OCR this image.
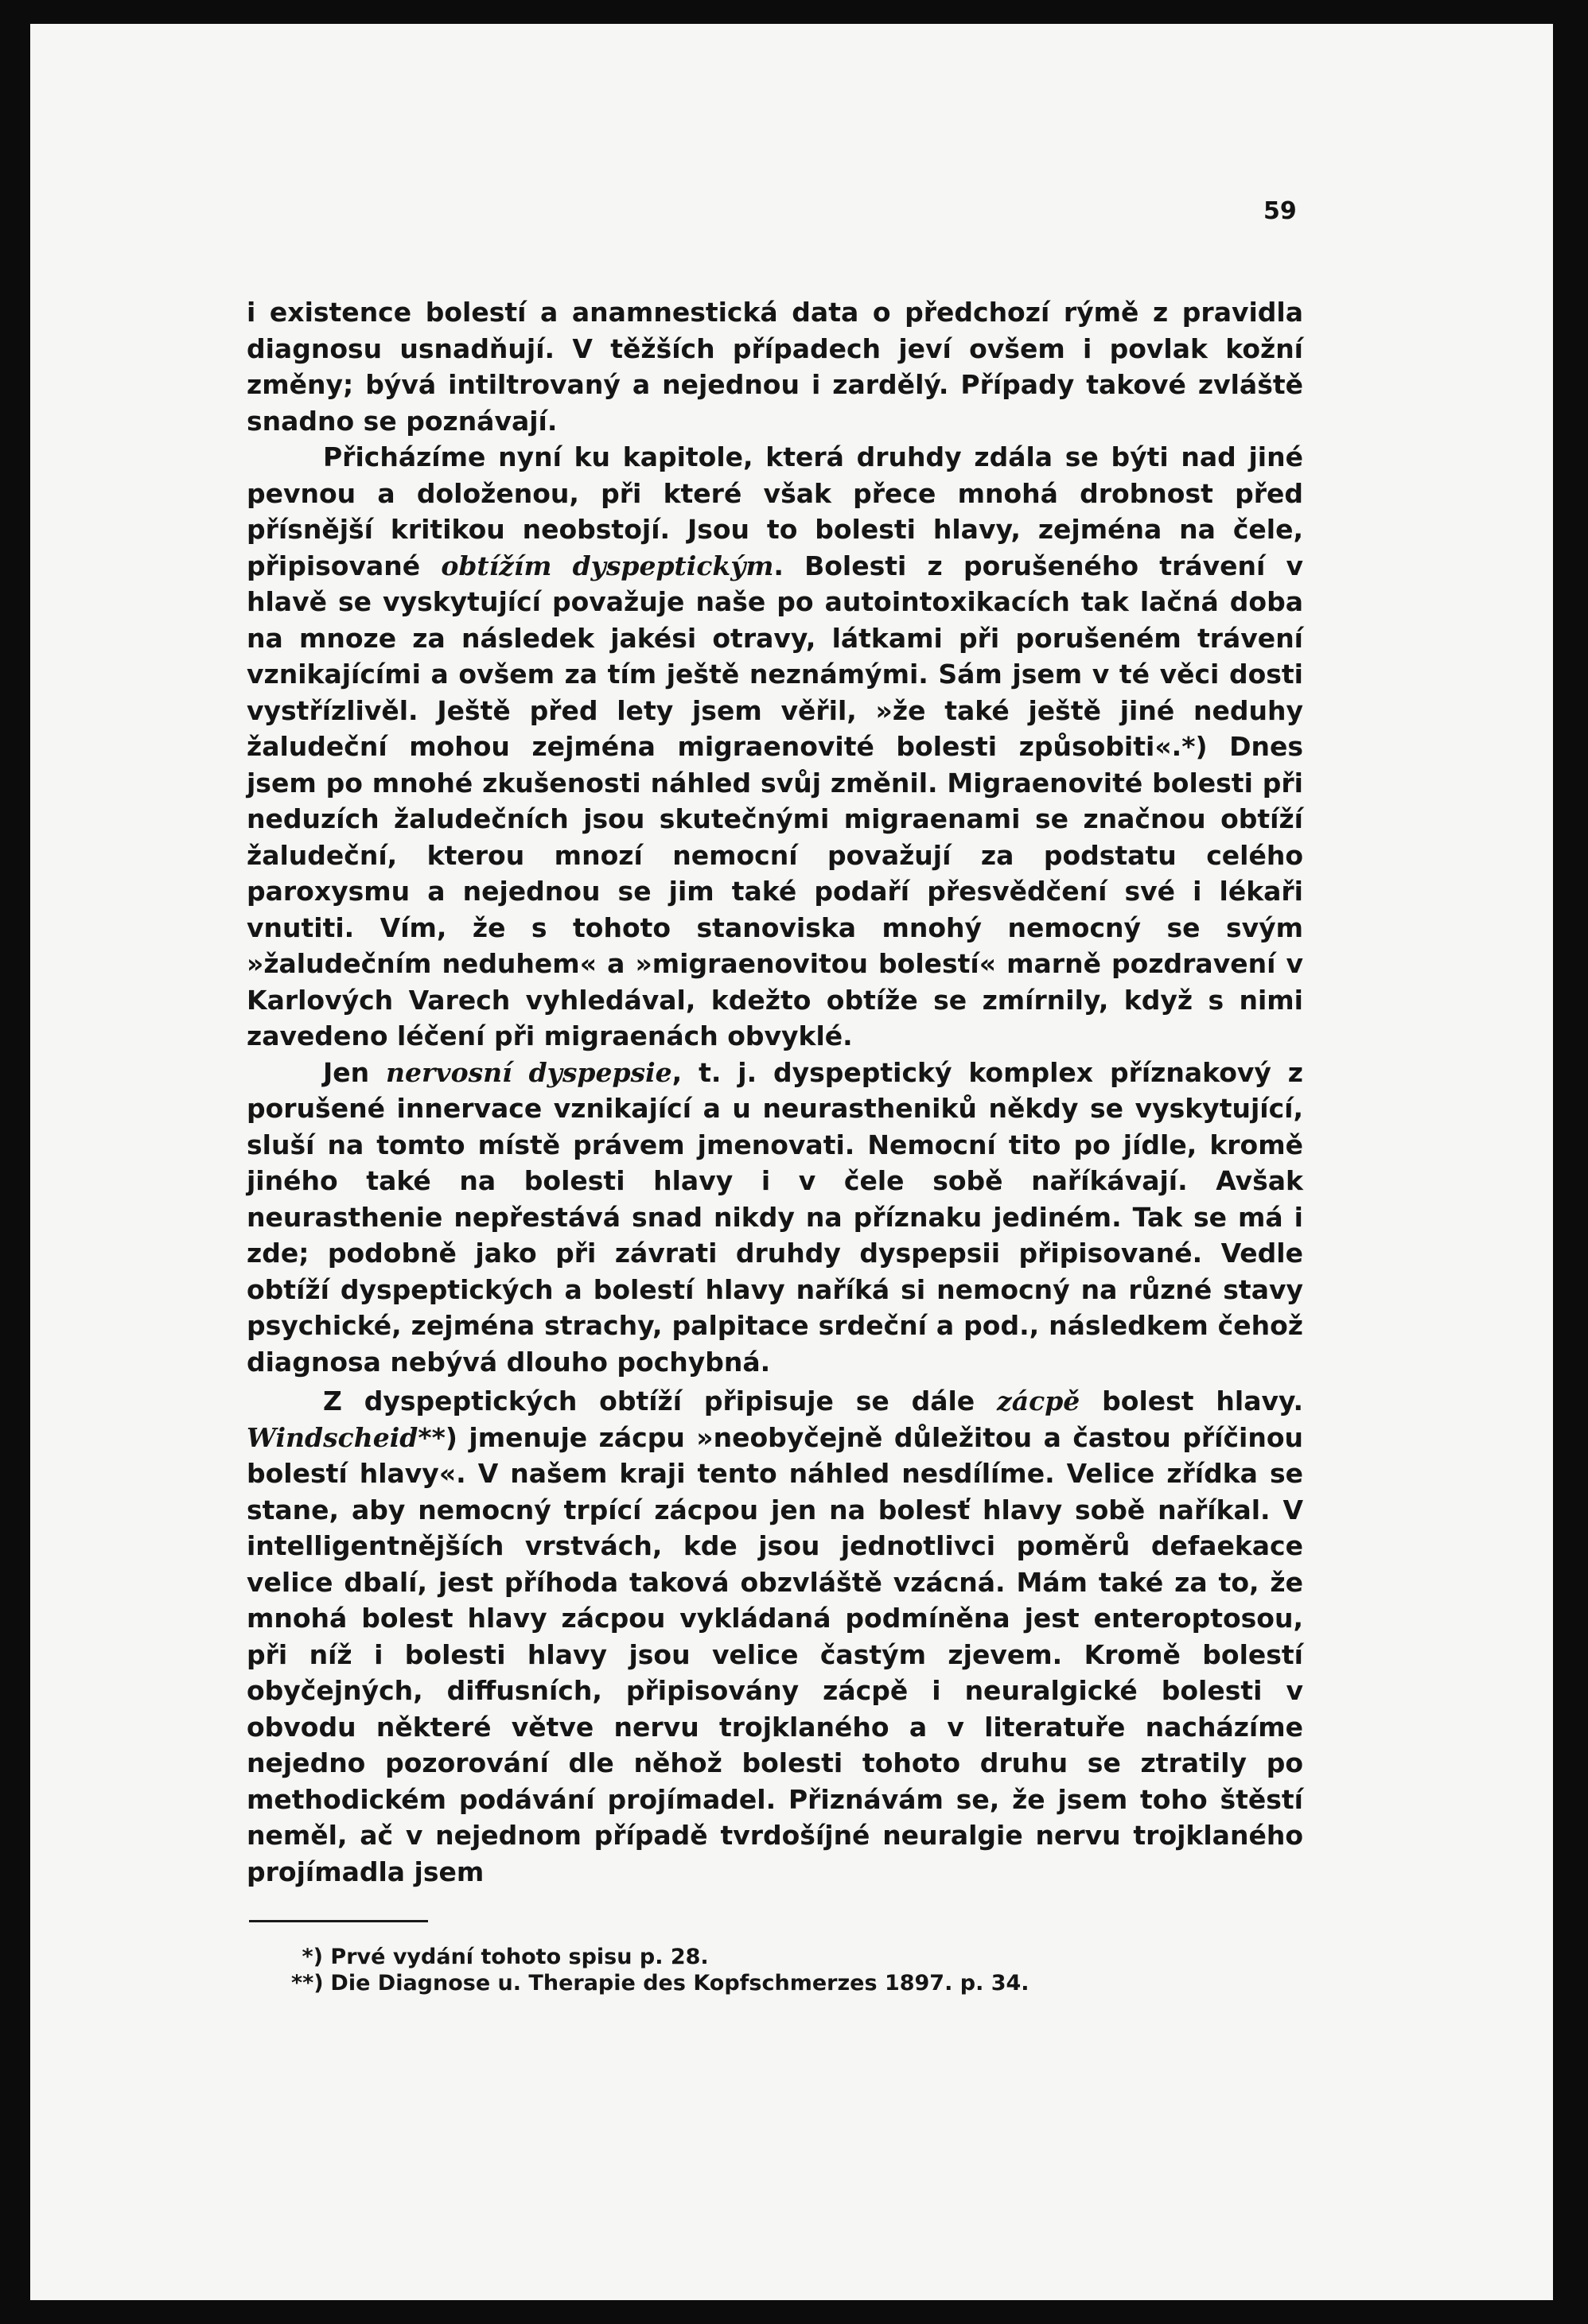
59

i existence bolestí a anamnestická data o předchozí rýmě z pravidla diagnosu usnadňují. V těžších případech jeví ovšem i povlak kožní změny; bývá intiltrovaný a nejednou i zardělý. Případy takové zvláště snadno se poznávají.

Přicházíme nyní ku kapitole, která druhdy zdála se býti nad jiné pevnou a doloženou, při které však přece mnohá drobnost před přísnější kritikou neobstojí. Jsou to bolesti hlavy, zejména na čele, připisované obtížím dyspeptickým. Bolesti z porušeného trávení v hlavě se vyskytující považuje naše po autointoxikacích tak lačná doba na mnoze za následek jakési otravy, látkami při porušeném trávení vznikajícími a ovšem za tím ještě neznámými. Sám jsem v té věci dosti vystřízlivěl. Ještě před lety jsem věřil, »že také ještě jiné neduhy žaludeční mohou zejména migraenovité bolesti způsobiti«.*) Dnes jsem po mnohé zkušenosti náhled svůj změnil. Migraenovité bolesti při neduzích žaludečních jsou skutečnými migraenami se značnou obtíží žaludeční, kterou mnozí nemocní považují za podstatu celého paroxysmu a nejednou se jim také podaří přesvědčení své i lékaři vnutiti. Vím, že s tohoto stanoviska mnohý nemocný se svým »žaludečním neduhem« a »migraenovitou bolestí« marně pozdravení v Karlových Varech vyhledával, kdežto obtíže se zmírnily, když s nimi zavedeno léčení při migraenách obvyklé.

Jen nervosní dyspepsie, t. j. dyspeptický komplex příznakový z porušené innervace vznikající a u neurastheniků někdy se vyskytující, sluší na tomto místě právem jmenovati. Nemocní tito po jídle, kromě jiného také na bolesti hlavy i v čele sobě naříkávají. Avšak neurasthenie nepřestává snad nikdy na příznaku jediném. Tak se má i zde; podobně jako při závrati druhdy dyspepsii připisované. Vedle obtíží dyspeptických a bolestí hlavy naříká si nemocný na různé stavy psychické, zejména strachy, palpitace srdeční a pod., následkem čehož diagnosa nebývá dlouho pochybná.

Z dyspeptických obtíží připisuje se dále zácpě bolest hlavy. Windscheid**) jmenuje zácpu »neobyčejně důležitou a častou příčinou bolestí hlavy«. V našem kraji tento náhled nesdílíme. Velice zřídka se stane, aby nemocný trpící zácpou jen na bolesť hlavy sobě naříkal. V intelligentnějších vrstvách, kde jsou jednotlivci poměrů defaekace velice dbalí, jest příhoda taková obzvláště vzácná. Mám také za to, že mnohá bolest hlavy zácpou vykládaná podmíněna jest enteroptosou, při níž i bolesti hlavy jsou velice častým zjevem. Kromě bolestí obyčejných, diffusních, připisovány zácpě i neuralgické bolesti v obvodu některé větve nervu trojklaného a v literatuře nacházíme nejedno pozorování dle něhož bolesti tohoto druhu se ztratily po methodickém podávání projímadel. Přiznávám se, že jsem toho štěstí neměl, ač v nejednom případě tvrdošíjné neuralgie nervu trojklaného projímadla jsem

*) Prvé vydání tohoto spisu p. 28.
**) Die Diagnose u. Therapie des Kopfschmerzes 1897. p. 34.
